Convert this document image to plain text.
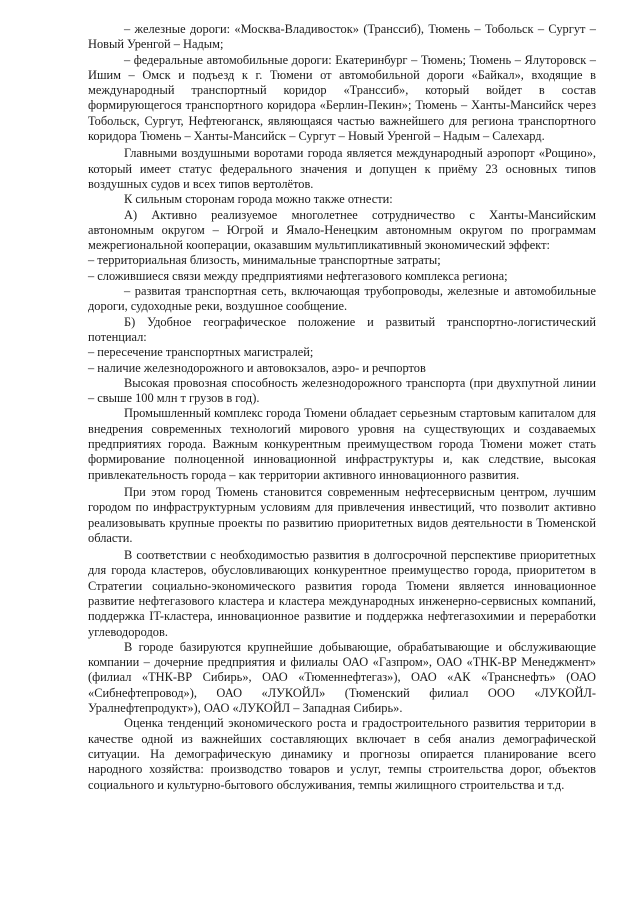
– железные дороги: «Москва-Владивосток» (Транссиб), Тюмень – Тобольск – Сургут – Новый Уренгой – Надым;

– федеральные автомобильные дороги: Екатеринбург – Тюмень; Тюмень – Ялуторовск – Ишим – Омск и подъезд к г. Тюмени от автомобильной дороги «Байкал», входящие в международный транспортный коридор «Транссиб», который войдет в состав формирующегося транспортного коридора «Берлин-Пекин»; Тюмень – Ханты-Мансийск через Тобольск, Сургут, Нефтеюганск, являющаяся частью важнейшего для региона транспортного коридора Тюмень – Ханты-Мансийск – Сургут – Новый Уренгой – Надым – Салехард.

Главными воздушными воротами города является международный аэропорт «Рощино», который имеет статус федерального значения и допущен к приёму 23 основных типов воздушных судов и всех типов вертолётов.

К сильным сторонам города можно также отнести:

А) Активно реализуемое многолетнее сотрудничество с Ханты-Мансийским автономным округом – Югрой и Ямало-Ненецким автономным округом по программам межрегиональной кооперации, оказавшим мультипликативный экономический эффект:

– территориальная близость, минимальные транспортные затраты;

– сложившиеся связи между предприятиями нефтегазового комплекса региона;

– развитая транспортная сеть, включающая трубопроводы, железные и автомобильные дороги, судоходные реки, воздушное сообщение.

Б) Удобное географическое положение и развитый транспортно-логистический потенциал:

– пересечение транспортных магистралей;

– наличие железнодорожного и автовокзалов, аэро- и речпортов

Высокая провозная способность железнодорожного транспорта (при двухпутной линии – свыше 100 млн т грузов в год).

Промышленный комплекс города Тюмени обладает серьезным стартовым капиталом для внедрения современных технологий мирового уровня на существующих и создаваемых предприятиях города. Важным конкурентным преимуществом города Тюмени может стать формирование полноценной инновационной инфраструктуры и, как следствие, высокая привлекательность города – как территории активного инновационного развития.

При этом город Тюмень становится современным нефтесервисным центром, лучшим городом по инфраструктурным условиям для привлечения инвестиций, что позволит активно реализовывать крупные проекты по развитию приоритетных видов деятельности в Тюменской области.

В соответствии с необходимостью развития в долгосрочной перспективе приоритетных для города кластеров, обусловливающих конкурентное преимущество города, приоритетом в Стратегии социально-экономического развития города Тюмени является инновационное развитие нефтегазового кластера и кластера международных инженерно-сервисных компаний, поддержка IT-кластера, инновационное развитие и поддержка нефтегазохимии и переработки углеводородов.

В городе базируются крупнейшие добывающие, обрабатывающие и обслуживающие компании – дочерние предприятия и филиалы ОАО «Газпром», ОАО «ТНК-ВР Менеджмент» (филиал «ТНК-ВР Сибирь», ОАО «Тюменнефтегаз»), ОАО «АК «Транснефть» (ОАО «Сибнефтепровод»), ОАО «ЛУКОЙЛ» (Тюменский филиал ООО «ЛУКОЙЛ-Уралнефтепродукт»), ОАО «ЛУКОЙЛ – Западная Сибирь».

Оценка тенденций экономического роста и градостроительного развития территории в качестве одной из важнейших составляющих включает в себя анализ демографической ситуации. На демографическую динамику и прогнозы опирается планирование всего народного хозяйства: производство товаров и услуг, темпы строительства дорог, объектов социального и культурно-бытового обслуживания, темпы жилищного строительства и т.д.
